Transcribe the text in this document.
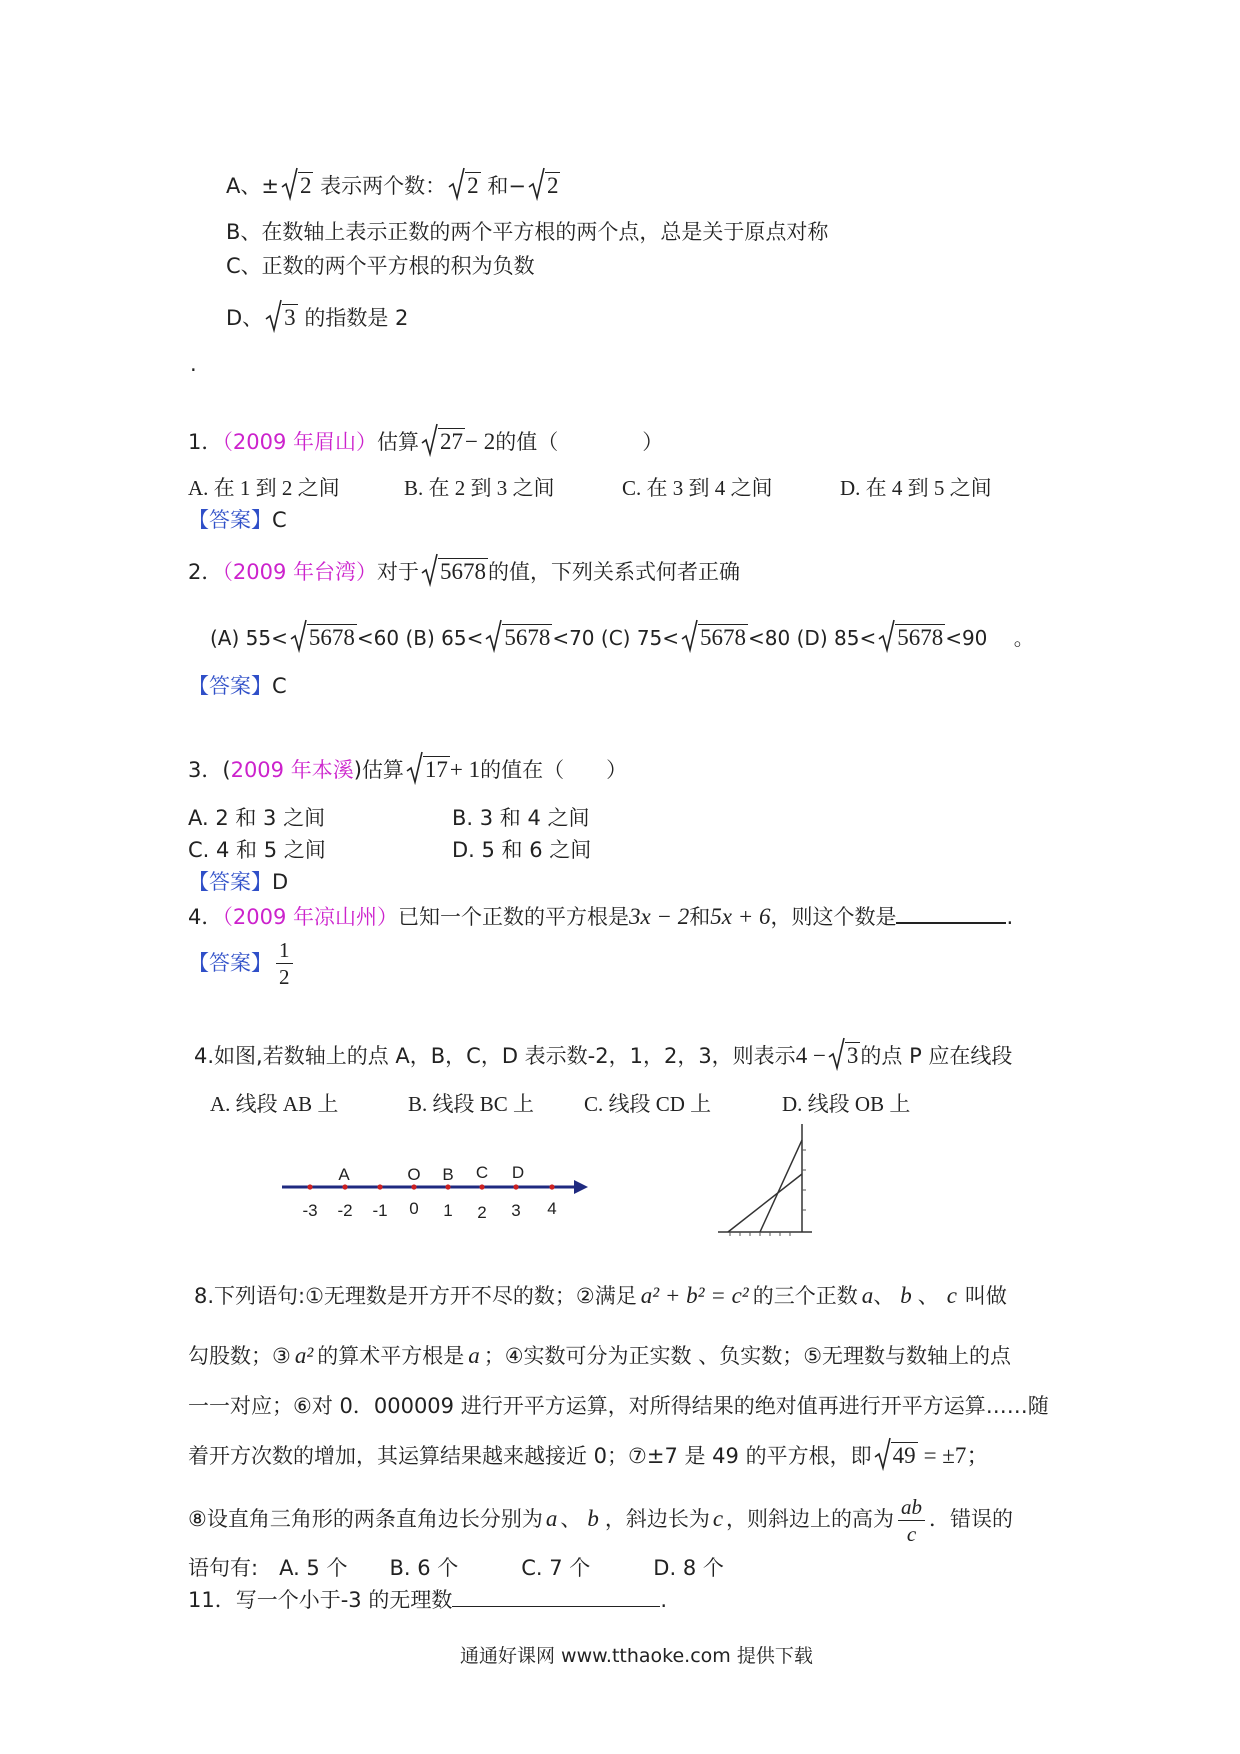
A、± 2 表示两个数： 2 和− 2
B、在数轴上表示正数的两个平方根的两个点，总是关于原点对称
C、正数的两个平方根的积为负数
D、 3 的指数是 2
.
1．（2009 年眉山）估算 27− 2的值（　　　　）
A. 在 1 到 2 之间	B. 在 2 到 3 之间	C. 在 3 到 4 之间	D. 在 4 到 5 之间
【答案】C
2．（2009 年台湾）对于 5678的值，下列关系式何者正确
(A) 55< 5678 <60 (B) 65< 5678 <70 (C) 75< 5678 <80 (D) 85< 5678 <90 　。
【答案】C
3．(2009 年本溪)估算 17+ 1的值在（　　）
A. 2 和 3 之间	B. 3 和 4 之间
C. 4 和 5 之间	D. 5 和 6 之间
【答案】D
4．（2009 年凉山州）已知一个正数的平方根是3x − 2和5x + 6，则这个数是	.
【答案】 $\frac{1}{2}$
4.如图,若数轴上的点 A，B，C，D 表示数-2，1，2，3，则表示4 − 3的点 P 应在线段
A. 线段 AB 上	B. 线段 BC 上 C. 线段 CD 上	D. 线段 OB 上
A	O B C D
-3 -2 -1 0 1 2 3 4
8.下列语句:①无理数是开方开不尽的数；②满足 a² + b² = c² 的三个正数 a、 b 、 c 叫做
勾股数；③ a² 的算术平方根是 a ；④实数可分为正实数 、负实数；⑤无理数与数轴上的点
一一对应；⑥对 0．000009 进行开平方运算，对所得结果的绝对值再进行开平方运算……随
着开方次数的增加，其运算结果越来越接近 0；⑦±7 是 49 的平方根，即 49 = ±7；
⑧设直角三角形的两条直角边长分别为 a 、 b ，斜边长为 c ，则斜边上的高为 $\frac{ab}{c}$ ．错误的
语句有:　A. 5 个　　B. 6 个　　　C. 7 个　　　D. 8 个
11．写一个小于-3 的无理数	.
通通好课网 www.tthaoke.com 提供下载
